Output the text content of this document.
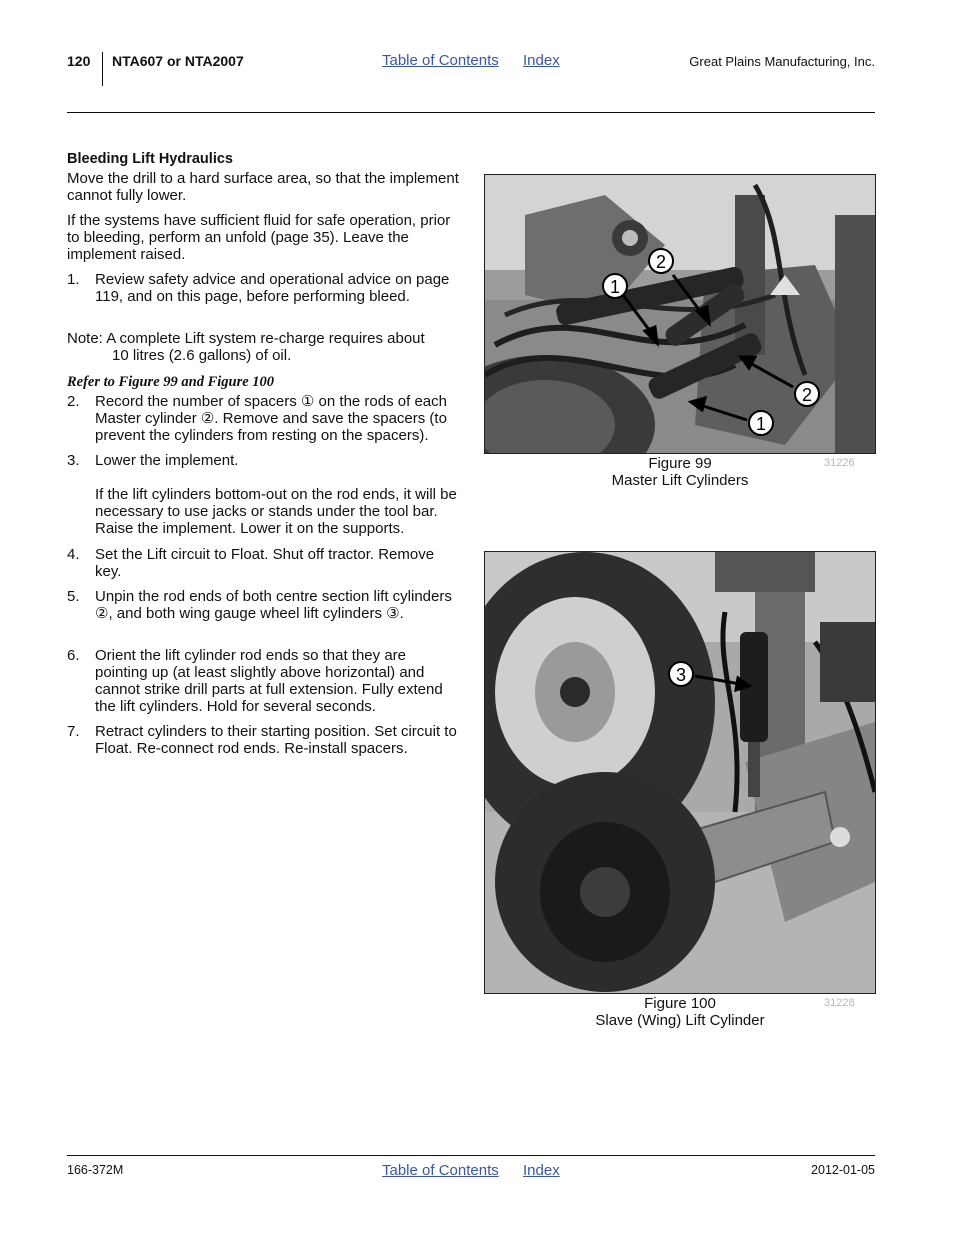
120 NTA607 or NTA2007	Table of Contents Index	Great Plains Manufacturing, Inc.
Bleeding Lift Hydraulics
Move the drill to a hard surface area, so that the implement cannot fully lower.
If the systems have sufficient fluid for safe operation, prior to bleeding, perform an unfold (page 35). Leave the implement raised.
1. Review safety advice and operational advice on page 119, and on this page, before performing bleed.
Note: A complete Lift system re-charge requires about
10 litres (2.6 gallons) of oil.
Refer to Figure 99 and Figure 100
2. Record the number of spacers ① on the rods of each Master cylinder ②. Remove and save the spacers (to prevent the cylinders from resting on the spacers).
3. Lower the implement.
If the lift cylinders bottom-out on the rod ends, it will be necessary to use jacks or stands under the tool bar. Raise the implement. Lower it on the supports.
4. Set the Lift circuit to Float. Shut off tractor. Remove key.
5. Unpin the rod ends of both centre section lift cylinders ②, and both wing gauge wheel lift cylinders ③.
6. Orient the lift cylinder rod ends so that they are pointing up (at least slightly above horizontal) and cannot strike drill parts at full extension. Fully extend the lift cylinders. Hold for several seconds.
7. Retract cylinders to their starting position. Set circuit to Float. Re-connect rod ends. Re-install spacers.
1
2
2
1
Figure 99
Master Lift Cylinders
31226
3
Figure 100
Slave (Wing) Lift Cylinder
31228
166-372M	Table of Contents Index	2012-01-05
